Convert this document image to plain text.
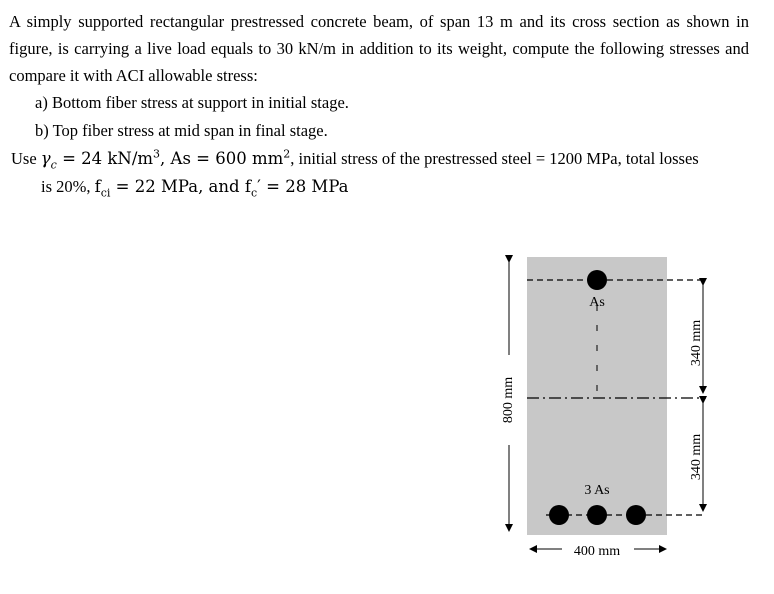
A simply supported rectangular prestressed concrete beam, of span 13 m and its cross section as shown in figure, is carrying a live load equals to 30 kN/m in addition to its weight, compute the following stresses and compare it with ACI allowable stress:

a) Bottom fiber stress at support in initial stage.
b) Top fiber stress at mid span in final stage.
Use $\gamma_c = 24$ $kN/m^3$, As = 600 $mm^2$, initial stress of the prestressed steel = 1200 MPa, total losses
is 20%, $f_{ci} = 22$ MPa, and $f_c' = 28$ MPa
As
3 As
800 mm
340 mm
340 mm
400 mm
